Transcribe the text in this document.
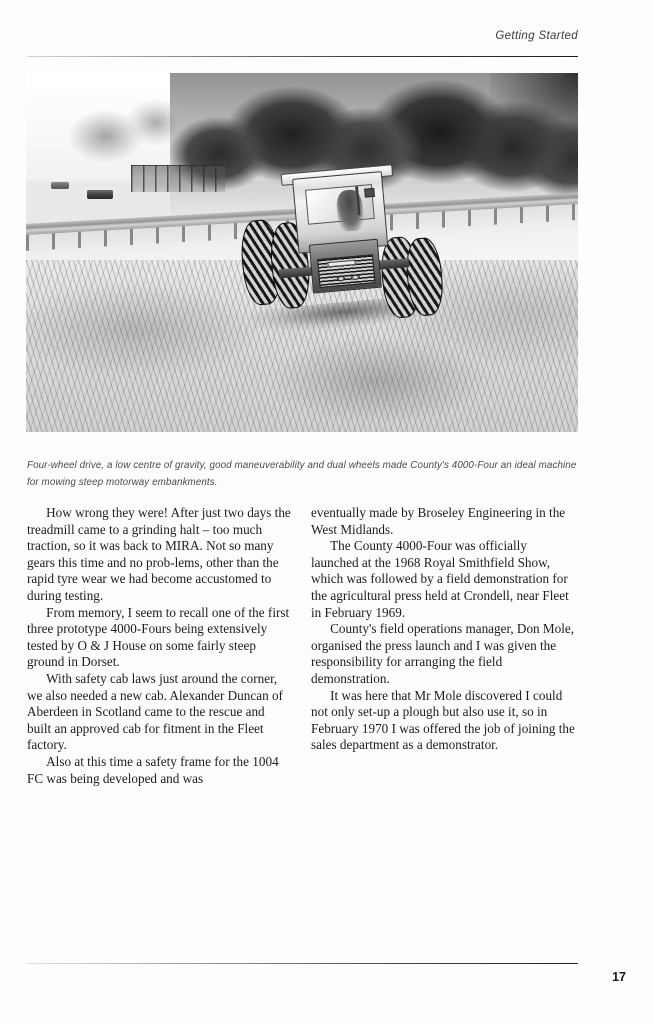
Getting Started
Four-wheel drive, a low centre of gravity, good maneuverability and dual wheels made County's 4000-Four an ideal machine for mowing steep motorway embankments.

How wrong they were! After just two days the treadmill came to a grinding halt – too much traction, so it was back to MIRA. Not so many gears this time and no prob-lems, other than the rapid tyre wear we had become accustomed to during testing.

From memory, I seem to recall one of the first three prototype 4000-Fours being extensively tested by O & J House on some fairly steep ground in Dorset.

With safety cab laws just around the corner, we also needed a new cab. Alexander Duncan of Aberdeen in Scotland came to the rescue and built an approved cab for fitment in the Fleet factory.

Also at this time a safety frame for the 1004 FC was being developed and was

eventually made by Broseley Engineering in the West Midlands.

The County 4000-Four was officially launched at the 1968 Royal Smithfield Show, which was followed by a field demonstration for the agricultural press held at Crondell, near Fleet in February 1969.

County's field operations manager, Don Mole, organised the press launch and I was given the responsibility for arranging the field demonstration.

It was here that Mr Mole discovered I could not only set-up a plough but also use it, so in February 1970 I was offered the job of joining the sales department as a demonstrator.

17
